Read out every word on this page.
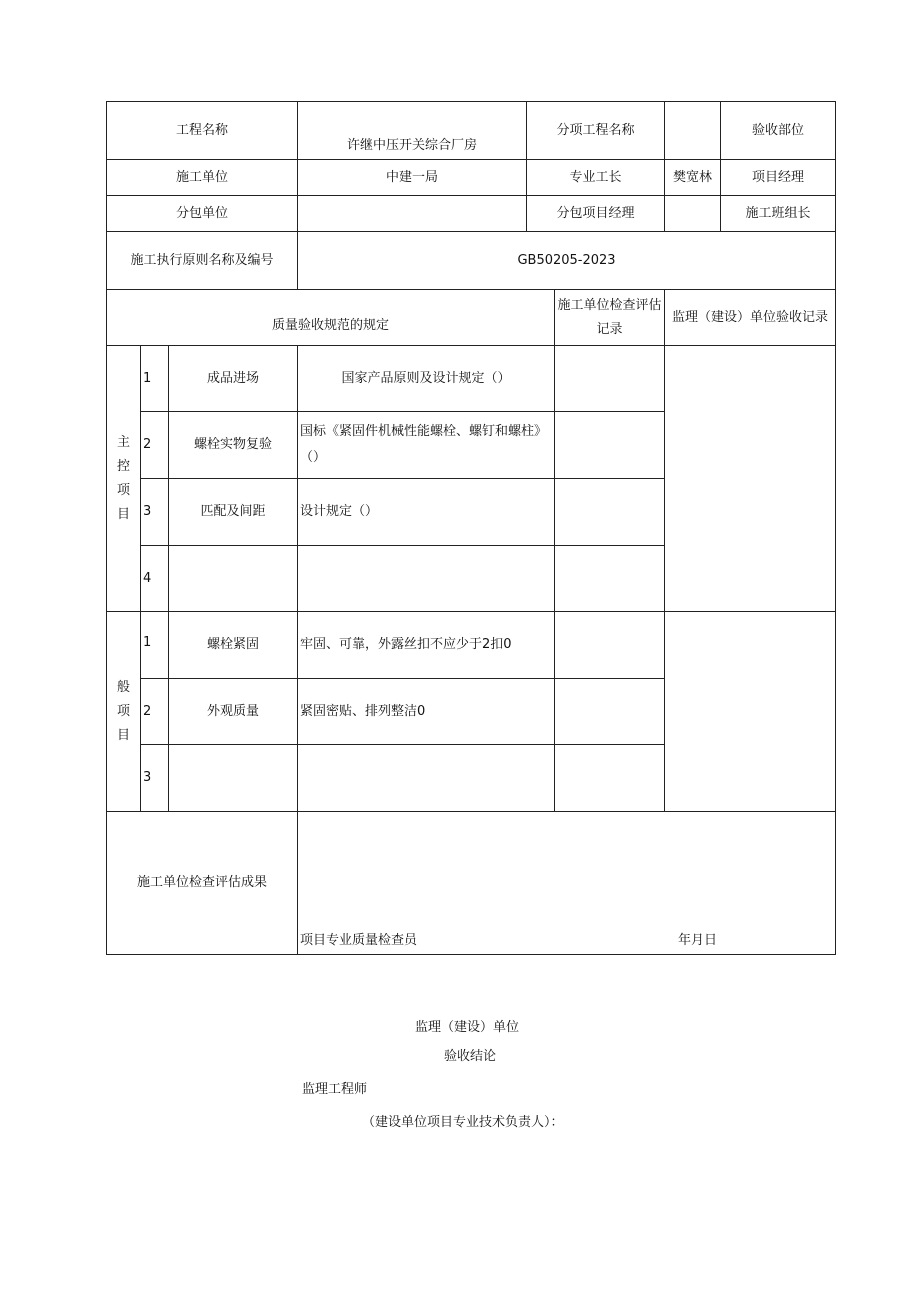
工程名称			许继中压开关综合厂房	分项工程名称			验收部位
施工单位			中建一局	专业工长		樊宽林	项目经理
分包单位				分包项目经理			施工班组长
施工执行原则名称及编号			GB50205-2023				
质量验收规范的规定					施工单位检查评估记录	监理（建设）单位验收记录	
主 控 项目	1	成品进场	国家产品原则及设计规定（）				
	2	螺栓实物复验	国标《紧固件机械性能螺栓、螺钉和螺柱》（）				
	3	匹配及间距	设计规定（）				
	4						
般 项 目	1	螺栓紧固	牢固、可靠，外露丝扣不应少于2扣0				
	2	外观质量	紧固密贴、排列整洁0				
	3						
施工单位检查评估成果			项目专业质量检查员 年月日				
监理（建设）单位
验收结论
监理工程师
（建设单位项目专业技术负责人）：
